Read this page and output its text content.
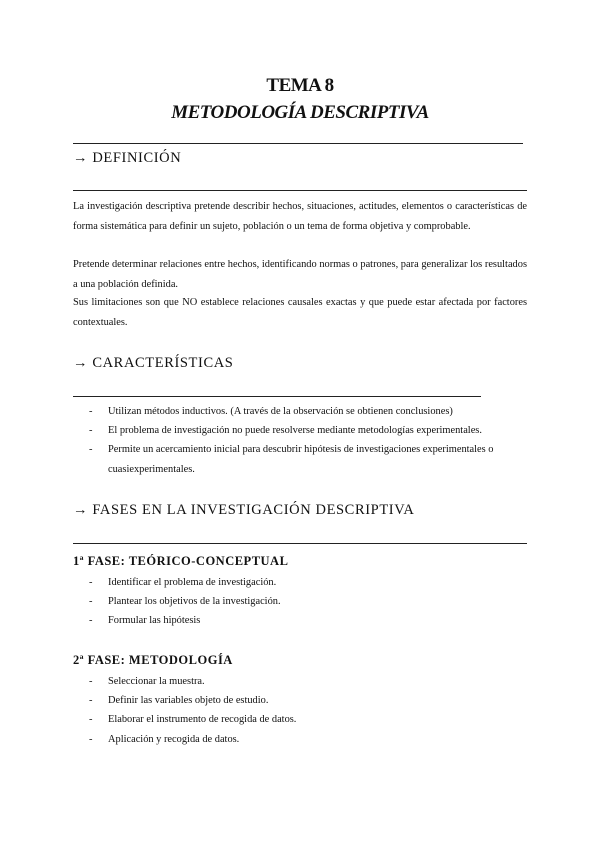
TEMA 8
METODOLOGÍA DESCRIPTIVA
→ DEFINICIÓN

La investigación descriptiva pretende describir hechos, situaciones, actitudes, elementos o características de forma sistemática para definir un sujeto, población o un tema de forma objetiva y comprobable.

Pretende determinar relaciones entre hechos, identificando normas o patrones, para generalizar los resultados a una población definida.

Sus limitaciones son que NO establece relaciones causales exactas y que puede estar afectada por factores contextuales.

→ CARACTERÍSTICAS
- Utilizan métodos inductivos. (A través de la observación se obtienen conclusiones)
- El problema de investigación no puede resolverse mediante metodologías experimentales.
- Permite un acercamiento inicial para descubrir hipótesis de investigaciones experimentales o cuasiexperimentales.
→ FASES EN LA INVESTIGACIÓN DESCRIPTIVA
1ª FASE: TEÓRICO-CONCEPTUAL
- Identificar el problema de investigación.
- Plantear los objetivos de la investigación.
- Formular las hipótesis
2ª FASE: METODOLOGÍA
- Seleccionar la muestra.
- Definir las variables objeto de estudio.
- Elaborar el instrumento de recogida de datos.
- Aplicación y recogida de datos.
